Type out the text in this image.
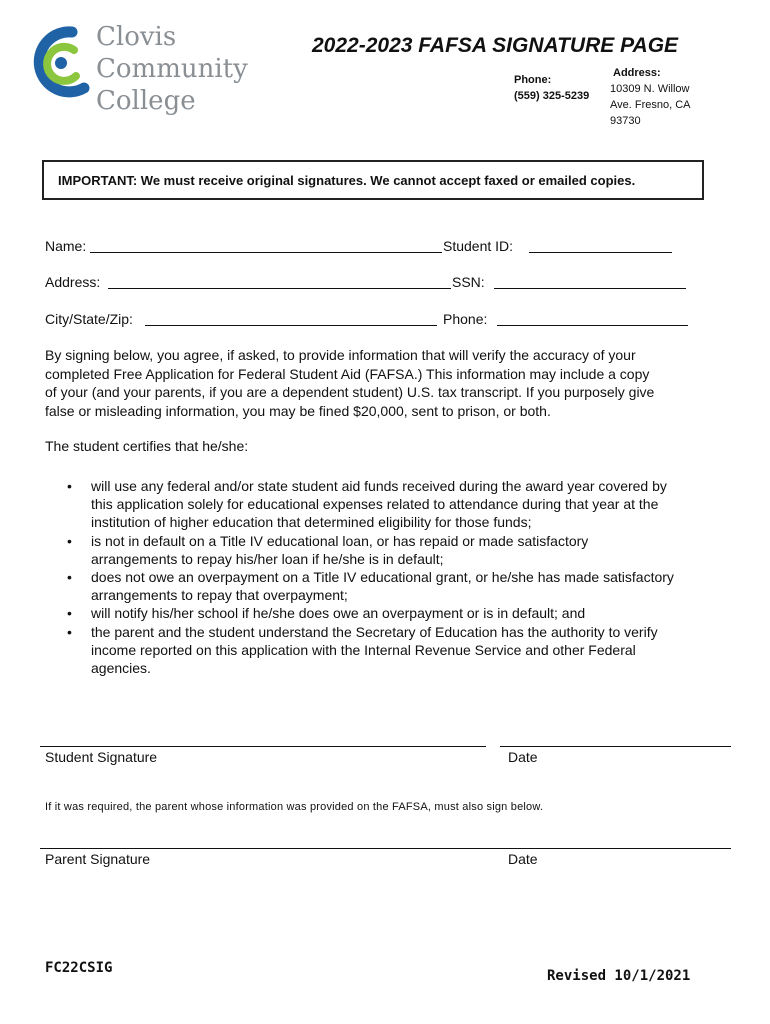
Clovis
Community
College
2022-2023 FAFSA SIGNATURE PAGE
Phone:
(559) 325-5239
Address:
10309 N. Willow
Ave. Fresno, CA
93730
IMPORTANT: We must receive original signatures. We cannot accept faxed or emailed copies.
Name:	Student ID:
Address:	SSN:
City/State/Zip:	Phone:
By signing below, you agree, if asked, to provide information that will verify the accuracy of your
completed Free Application for Federal Student Aid (FAFSA.) This information may include a copy
of your (and your parents, if you are a dependent student) U.S. tax transcript. If you purposely give
false or misleading information, you may be fined $20,000, sent to prison, or both.
The student certifies that he/she:
• will use any federal and/or state student aid funds received during the award year covered by
this application solely for educational expenses related to attendance during that year at the
institution of higher education that determined eligibility for those funds;
• is not in default on a Title IV educational loan, or has repaid or made satisfactory
arrangements to repay his/her loan if he/she is in default;
• does not owe an overpayment on a Title IV educational grant, or he/she has made satisfactory
arrangements to repay that overpayment;
• will notify his/her school if he/she does owe an overpayment or is in default; and
• the parent and the student understand the Secretary of Education has the authority to verify
income reported on this application with the Internal Revenue Service and other Federal
agencies.
Student Signature	Date
If it was required, the parent whose information was provided on the FAFSA, must also sign below.
Parent Signature	Date
FC22CSIG	Revised 10/1/2021
